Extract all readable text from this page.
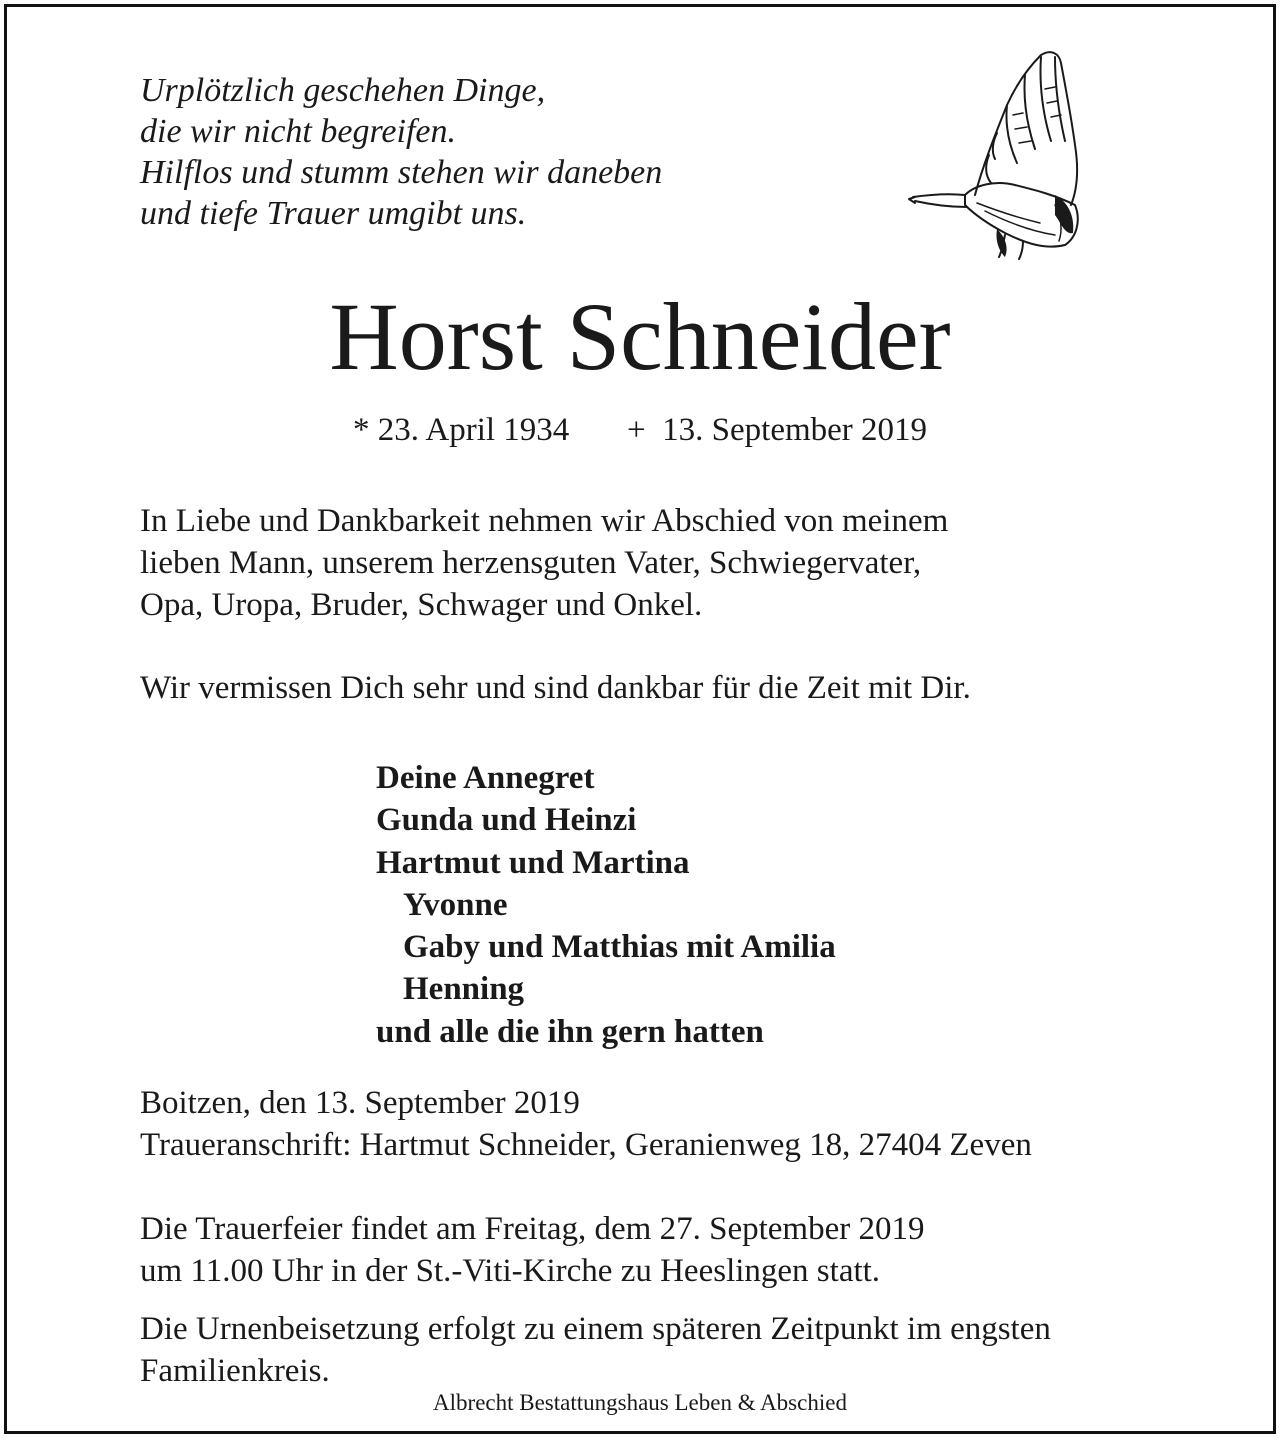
Urplötzlich geschehen Dinge,
die wir nicht begreifen.
Hilflos und stumm stehen wir daneben
und tiefe Trauer umgibt uns.
Horst Schneider
* 23. April 1934 +  13. September 2019
In Liebe und Dankbarkeit nehmen wir Abschied von meinem
lieben Mann, unserem herzensguten Vater, Schwiegervater,
Opa, Uropa, Bruder, Schwager und Onkel.
Wir vermissen Dich sehr und sind dankbar für die Zeit mit Dir.
Deine Annegret
Gunda und Heinzi
Hartmut und Martina
Yvonne
Gaby und Matthias mit Amilia
Henning
und alle die ihn gern hatten
Boitzen, den 13. September 2019
Traueranschrift: Hartmut Schneider, Geranienweg 18, 27404 Zeven
Die Trauerfeier findet am Freitag, dem 27. September 2019
um 11.00 Uhr in der St.-Viti-Kirche zu Heeslingen statt.
Die Urnenbeisetzung erfolgt zu einem späteren Zeitpunkt im engsten
Familienkreis.
Albrecht Bestattungshaus Leben & Abschied
